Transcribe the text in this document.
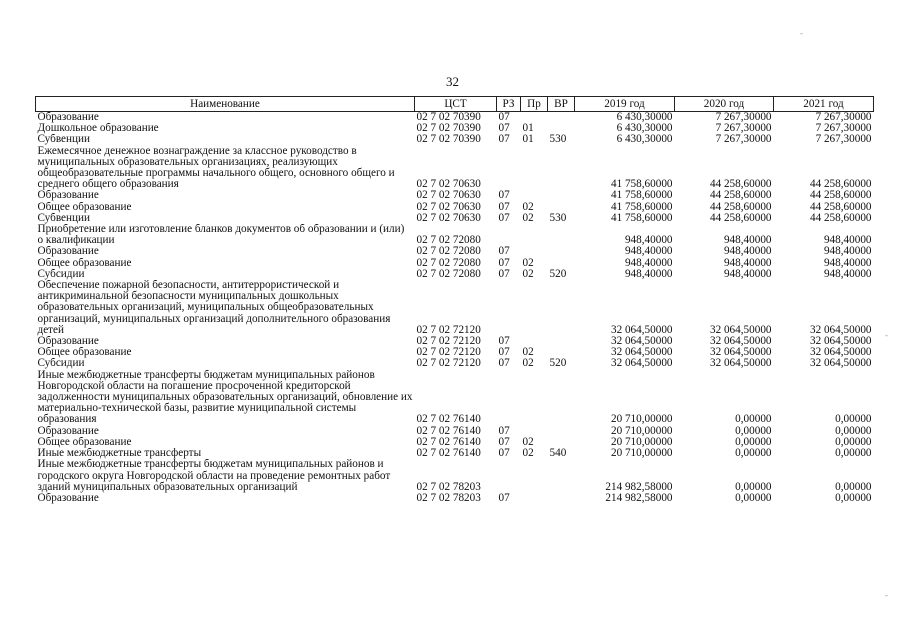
32
-
-
-
Наименование	ЦСТ	РЗ	Пр	ВР	2019 год	2020 год	2021 год
Образование	02 7 02 70390	07			6 430,30000	7 267,30000	7 267,30000
Дошкольное образование	02 7 02 70390	07	01		6 430,30000	7 267,30000	7 267,30000
Субвенции	02 7 02 70390	07	01	530	6 430,30000	7 267,30000	7 267,30000
Ежемесячное денежное вознаграждение за классное руководство в муниципальных образовательных организациях, реализующих общеобразовательные программы начального общего, основного общего и среднего общего образования	02 7 02 70630				41 758,60000	44 258,60000	44 258,60000
Образование	02 7 02 70630	07			41 758,60000	44 258,60000	44 258,60000
Общее образование	02 7 02 70630	07	02		41 758,60000	44 258,60000	44 258,60000
Субвенции	02 7 02 70630	07	02	530	41 758,60000	44 258,60000	44 258,60000
Приобретение или изготовление бланков документов об образовании и (или) о квалификации	02 7 02 72080				948,40000	948,40000	948,40000
Образование	02 7 02 72080	07			948,40000	948,40000	948,40000
Общее образование	02 7 02 72080	07	02		948,40000	948,40000	948,40000
Субсидии	02 7 02 72080	07	02	520	948,40000	948,40000	948,40000
Обеспечение пожарной безопасности, антитеррористической и антикриминальной безопасности муниципальных дошкольных образовательных организаций, муниципальных общеобразовательных организаций, муниципальных организаций дополнительного образования детей	02 7 02 72120				32 064,50000	32 064,50000	32 064,50000
Образование	02 7 02 72120	07			32 064,50000	32 064,50000	32 064,50000
Общее образование	02 7 02 72120	07	02		32 064,50000	32 064,50000	32 064,50000
Субсидии	02 7 02 72120	07	02	520	32 064,50000	32 064,50000	32 064,50000
Иные межбюджетные трансферты бюджетам муниципальных районов Новгородской области на погашение просроченной кредиторской задолженности муниципальных образовательных организаций, обновление их материально-технической базы, развитие муниципальной системы образования	02 7 02 76140				20 710,00000	0,00000	0,00000
Образование	02 7 02 76140	07			20 710,00000	0,00000	0,00000
Общее образование	02 7 02 76140	07	02		20 710,00000	0,00000	0,00000
Иные межбюджетные трансферты	02 7 02 76140	07	02	540	20 710,00000	0,00000	0,00000
Иные межбюджетные трансферты бюджетам муниципальных районов и городского округа Новгородской области на проведение ремонтных работ зданий муниципальных образовательных организаций	02 7 02 78203				214 982,58000	0,00000	0,00000
Образование	02 7 02 78203	07			214 982,58000	0,00000	0,00000
